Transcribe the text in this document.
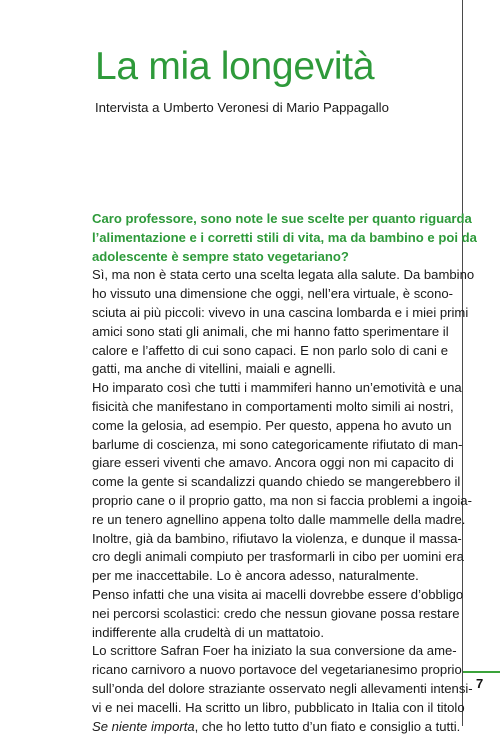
7
La mia longevità
Intervista a Umberto Veronesi di Mario Pappagallo

Caro professore, sono note le sue scelte per quanto riguarda
l’alimentazione e i corretti stili di vita, ma da bambino e poi da
adolescente è sempre stato vegetariano?

Sì, ma non è stata certo una scelta legata alla salute. Da bambino
ho vissuto una dimensione che oggi, nell’era virtuale, è scono-
sciuta ai più piccoli: vivevo in una cascina lombarda e i miei primi
amici sono stati gli animali, che mi hanno fatto sperimentare il
calore e l’affetto di cui sono capaci. E non parlo solo di cani e
gatti, ma anche di vitellini, maiali e agnelli.

Ho imparato così che tutti i mammiferi hanno un’emotività e una
fisicità che manifestano in comportamenti molto simili ai nostri,
come la gelosia, ad esempio. Per questo, appena ho avuto un
barlume di coscienza, mi sono categoricamente rifiutato di man-
giare esseri viventi che amavo. Ancora oggi non mi capacito di
come la gente si scandalizzi quando chiedo se mangerebbero il
proprio cane o il proprio gatto, ma non si faccia problemi a ingoia-
re un tenero agnellino appena tolto dalle mammelle della madre.
Inoltre, già da bambino, rifiutavo la violenza, e dunque il massa-
cro degli animali compiuto per trasformarli in cibo per uomini era
per me inaccettabile. Lo è ancora adesso, naturalmente.

Penso infatti che una visita ai macelli dovrebbe essere d’obbligo
nei percorsi scolastici: credo che nessun giovane possa restare
indifferente alla crudeltà di un mattatoio.

Lo scrittore Safran Foer ha iniziato la sua conversione da ame-
ricano carnivoro a nuovo portavoce del vegetarianesimo proprio
sull’onda del dolore straziante osservato negli allevamenti intensi-
vi e nei macelli. Ha scritto un libro, pubblicato in Italia con il titolo
Se niente importa, che ho letto tutto d’un fiato e consiglio a tutti.
